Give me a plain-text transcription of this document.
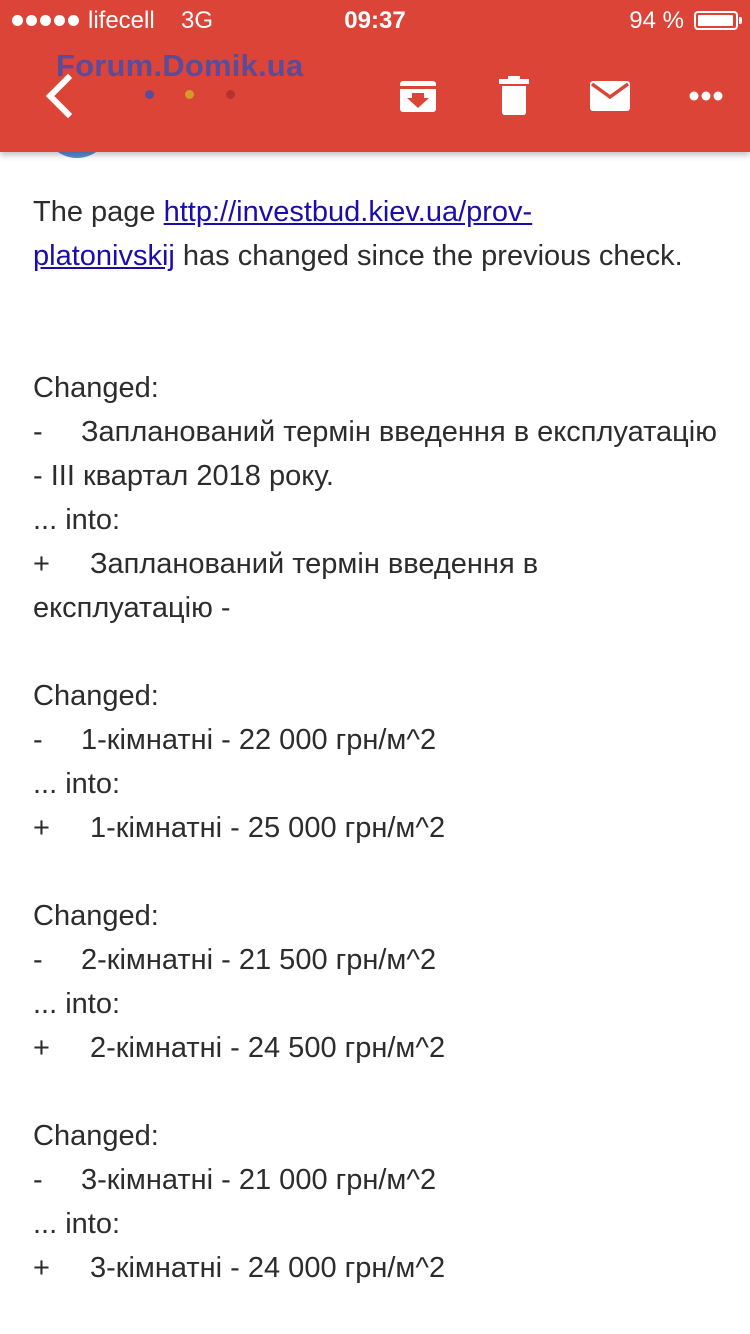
lifecell 3G	09:37	94 %
Forum.Domik.ua

The page http://investbud.kiev.ua/prov-
platonivskij has changed since the previous check.

Changed:

- Запланований термін введення в експлуатацію - ІІІ квартал 2018 року.

... into:

+ Запланований термін введення в експлуатацію -

Changed:

- 1-кімнатні - 22 000 грн/м^2

... into:

+ 1-кімнатні - 25 000 грн/м^2

Changed:

- 2-кімнатні - 21 500 грн/м^2

... into:

+ 2-кімнатні - 24 500 грн/м^2

Changed:

- 3-кімнатні - 21 000 грн/м^2

... into:

+ 3-кімнатні - 24 000 грн/м^2
